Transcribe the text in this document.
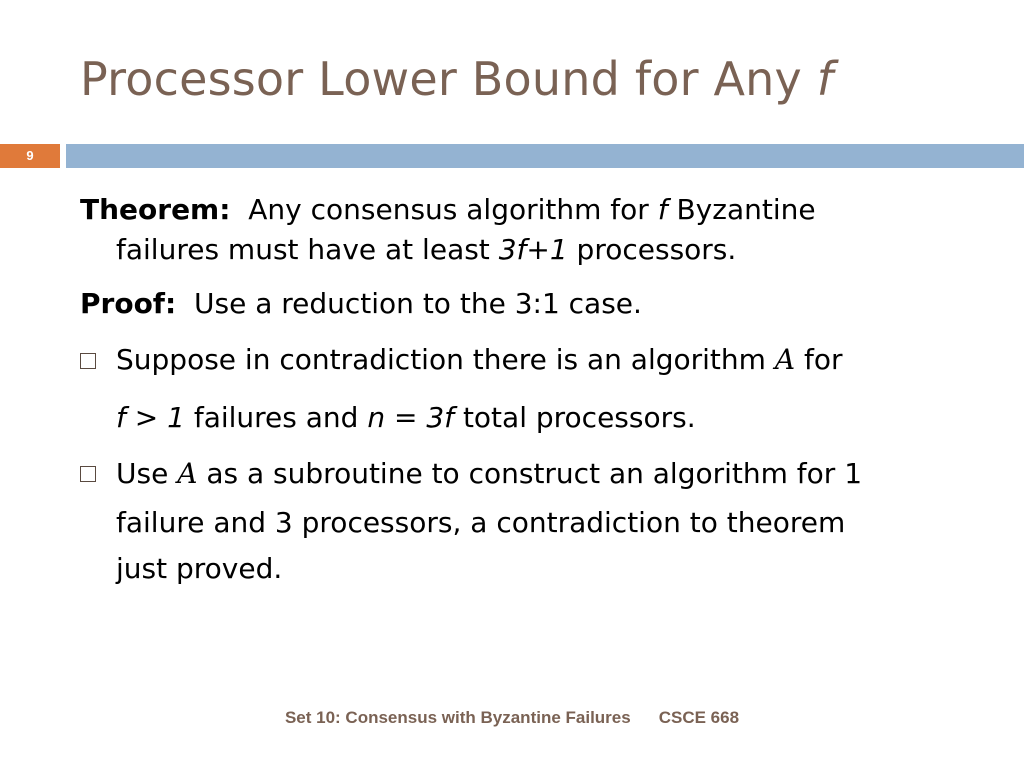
Processor Lower Bound for Any f
9
Theorem:  Any consensus algorithm for f Byzantine
failures must have at least 3f+1 processors.
Proof:  Use a reduction to the 3:1 case.
Suppose in contradiction there is an algorithm A for
f > 1 failures and n = 3f total processors.
Use A as a subroutine to construct an algorithm for 1
failure and 3 processors, a contradiction to theorem
just proved.
Set 10: Consensus with Byzantine Failures CSCE 668
